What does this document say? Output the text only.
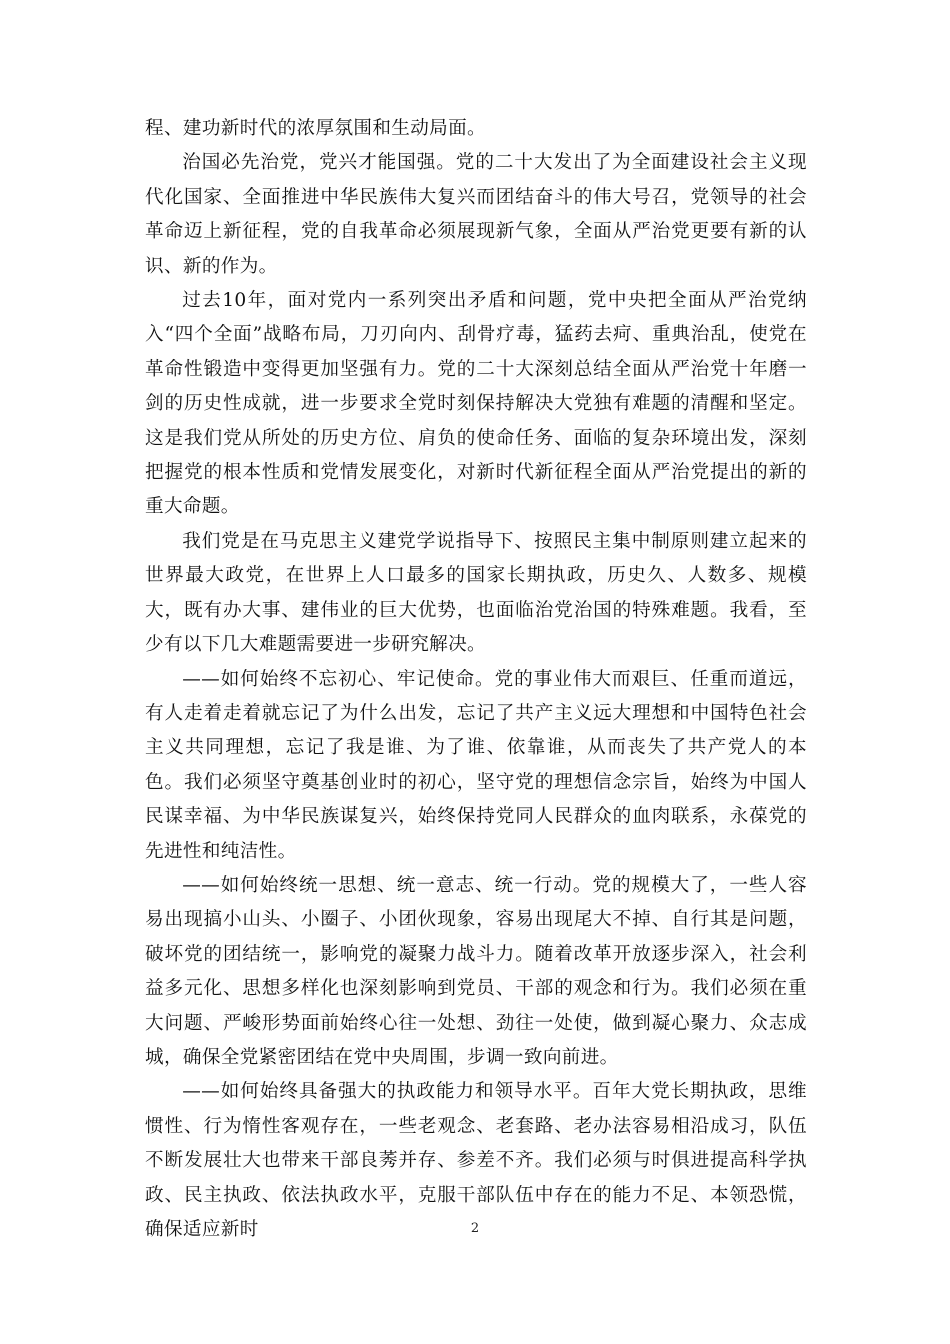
程、建功新时代的浓厚氛围和生动局面。

治国必先治党，党兴才能国强。党的二十大发出了为全面建设社会主义现代化国家、全面推进中华民族伟大复兴而团结奋斗的伟大号召，党领导的社会革命迈上新征程，党的自我革命必须展现新气象，全面从严治党更要有新的认识、新的作为。

过去10年，面对党内一系列突出矛盾和问题，党中央把全面从严治党纳入“四个全面”战略布局，刀刃向内、刮骨疗毒，猛药去疴、重典治乱，使党在革命性锻造中变得更加坚强有力。党的二十大深刻总结全面从严治党十年磨一剑的历史性成就，进一步要求全党时刻保持解决大党独有难题的清醒和坚定。这是我们党从所处的历史方位、肩负的使命任务、面临的复杂环境出发，深刻把握党的根本性质和党情发展变化，对新时代新征程全面从严治党提出的新的重大命题。

我们党是在马克思主义建党学说指导下、按照民主集中制原则建立起来的世界最大政党，在世界上人口最多的国家长期执政，历史久、人数多、规模大，既有办大事、建伟业的巨大优势，也面临治党治国的特殊难题。我看，至少有以下几大难题需要进一步研究解决。

——如何始终不忘初心、牢记使命。党的事业伟大而艰巨、任重而道远，有人走着走着就忘记了为什么出发，忘记了共产主义远大理想和中国特色社会主义共同理想，忘记了我是谁、为了谁、依靠谁，从而丧失了共产党人的本色。我们必须坚守奠基创业时的初心，坚守党的理想信念宗旨，始终为中国人民谋幸福、为中华民族谋复兴，始终保持党同人民群众的血肉联系，永葆党的先进性和纯洁性。

——如何始终统一思想、统一意志、统一行动。党的规模大了，一些人容易出现搞小山头、小圈子、小团伙现象，容易出现尾大不掉、自行其是问题，破坏党的团结统一，影响党的凝聚力战斗力。随着改革开放逐步深入，社会利益多元化、思想多样化也深刻影响到党员、干部的观念和行为。我们必须在重大问题、严峻形势面前始终心往一处想、劲往一处使，做到凝心聚力、众志成城，确保全党紧密团结在党中央周围，步调一致向前进。

——如何始终具备强大的执政能力和领导水平。百年大党长期执政，思维惯性、行为惰性客观存在，一些老观念、老套路、老办法容易相沿成习，队伍不断发展壮大也带来干部良莠并存、参差不齐。我们必须与时俱进提高科学执政、民主执政、依法执政水平，克服干部队伍中存在的能力不足、本领恐慌，确保适应新时	2
